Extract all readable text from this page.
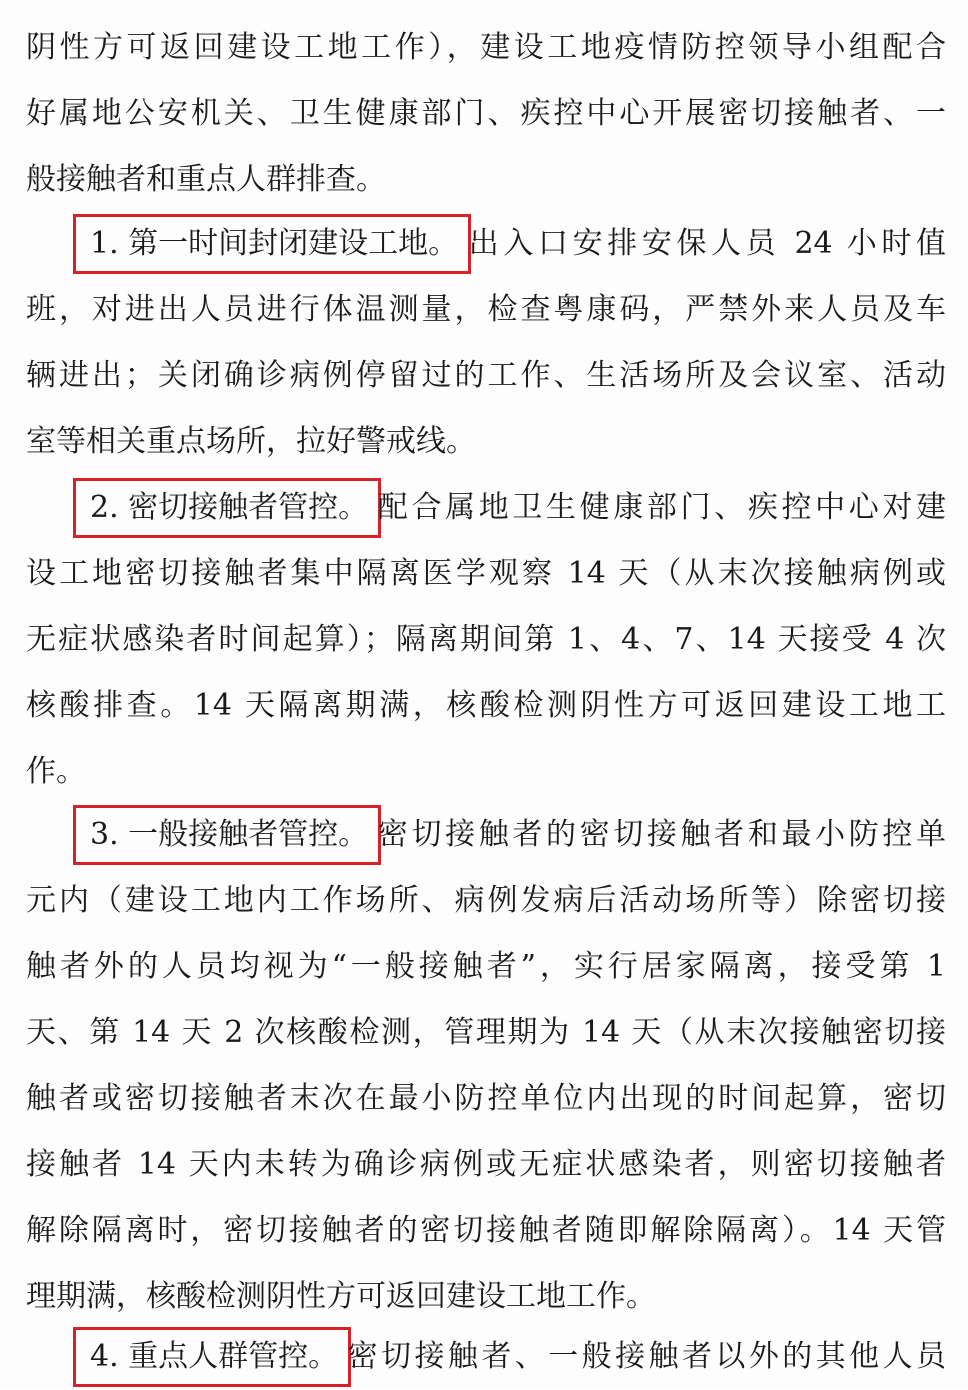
阴性方可返回建设工地工作），建设工地疫情防控领导小组配合
好属地公安机关、卫生健康部门、疾控中心开展密切接触者、一
般接触者和重点人群排查。
1. 第一时间封闭建设工地。 出入口安排安保人员 24 小时值
班，对进出人员进行体温测量，检查粤康码，严禁外来人员及车
辆进出；关闭确诊病例停留过的工作、生活场所及会议室、活动
室等相关重点场所，拉好警戒线。
2. 密切接触者管控。 配合属地卫生健康部门、疾控中心对建
设工地密切接触者集中隔离医学观察 14 天（从末次接触病例或
无症状感染者时间起算）；隔离期间第 1、4、7、14 天接受 4 次
核酸排查。14 天隔离期满，核酸检测阴性方可返回建设工地工
作。
3. 一般接触者管控。 密切接触者的密切接触者和最小防控单
元内（建设工地内工作场所、病例发病后活动场所等）除密切接
触者外的人员均视为“一般接触者”，实行居家隔离，接受第 1
天、第 14 天 2 次核酸检测，管理期为 14 天（从末次接触密切接
触者或密切接触者末次在最小防控单位内出现的时间起算，密切
接触者 14 天内未转为确诊病例或无症状感染者，则密切接触者
解除隔离时，密切接触者的密切接触者随即解除隔离）。14 天管
理期满，核酸检测阴性方可返回建设工地工作。
4. 重点人群管控。 密切接触者、一般接触者以外的其他人员
